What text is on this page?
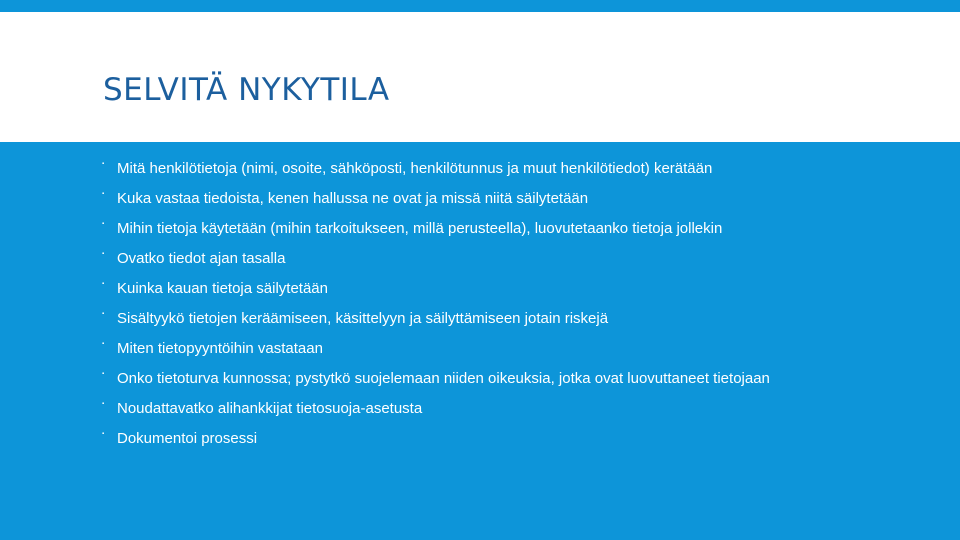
SELVITÄ NYKYTILA
▪ Mitä henkilötietoja (nimi, osoite, sähköposti, henkilötunnus ja muut henkilötiedot) kerätään
▪ Kuka vastaa tiedoista, kenen hallussa ne ovat ja missä niitä säilytetään
▪ Mihin tietoja käytetään (mihin tarkoitukseen, millä perusteella), luovutetaanko tietoja jollekin
▪ Ovatko tiedot ajan tasalla
▪ Kuinka kauan tietoja säilytetään
▪ Sisältyykö tietojen keräämiseen, käsittelyyn ja säilyttämiseen jotain riskejä
▪ Miten tietopyyntöihin vastataan
▪ Onko tietoturva kunnossa; pystytkö suojelemaan niiden oikeuksia, jotka ovat luovuttaneet tietojaan
▪ Noudattavatko alihankkijat tietosuoja-asetusta
▪ Dokumentoi prosessi
